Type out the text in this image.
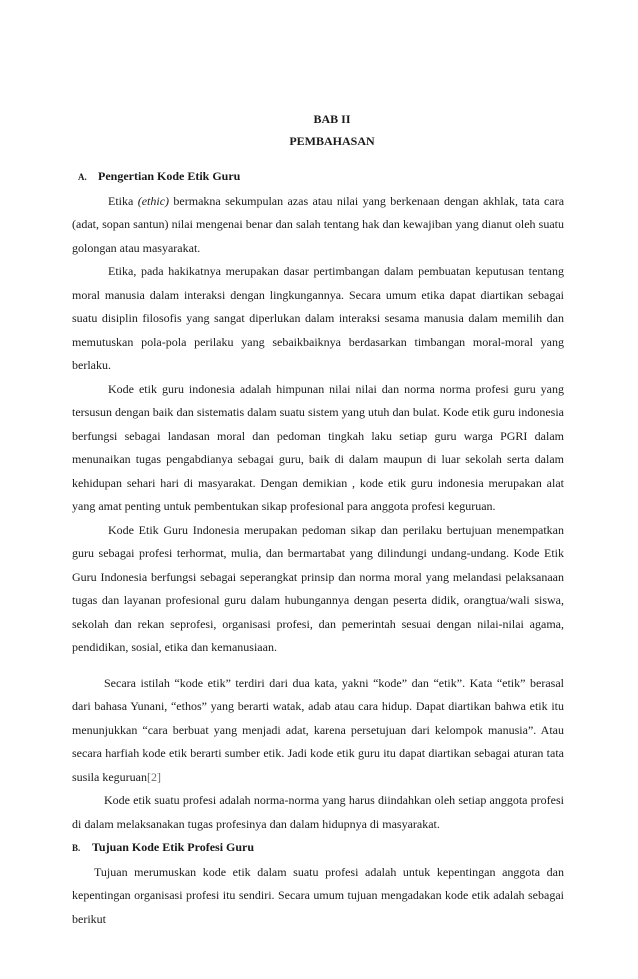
BAB II
PEMBAHASAN
A. Pengertian Kode Etik Guru

Etika (ethic) bermakna sekumpulan azas atau nilai yang berkenaan dengan akhlak, tata cara (adat, sopan santun) nilai mengenai benar dan salah tentang hak dan kewajiban yang dianut oleh suatu golongan atau masyarakat.

Etika, pada hakikatnya merupakan dasar pertimbangan dalam pembuatan keputusan tentang moral manusia dalam interaksi dengan lingkungannya. Secara umum etika dapat diartikan sebagai suatu disiplin filosofis yang sangat diperlukan dalam interaksi sesama manusia dalam memilih dan memutuskan pola-pola perilaku yang sebaikbaiknya berdasarkan timbangan moral-moral yang berlaku.

Kode etik guru indonesia adalah himpunan nilai nilai dan norma norma profesi guru yang tersusun dengan baik dan sistematis dalam suatu sistem yang utuh dan bulat. Kode etik guru indonesia berfungsi sebagai landasan moral dan pedoman tingkah laku setiap guru warga PGRI dalam menunaikan tugas pengabdianya sebagai guru, baik di dalam maupun di luar sekolah serta dalam kehidupan sehari hari di masyarakat. Dengan demikian , kode etik guru indonesia merupakan alat yang amat penting untuk pembentukan sikap profesional para anggota profesi keguruan.

Kode Etik Guru Indonesia merupakan pedoman sikap dan perilaku bertujuan menempatkan guru sebagai profesi terhormat, mulia, dan bermartabat yang dilindungi undang-undang. Kode Etik Guru Indonesia berfungsi sebagai seperangkat prinsip dan norma moral yang melandasi pelaksanaan tugas dan layanan profesional guru dalam hubungannya dengan peserta didik, orangtua/wali siswa, sekolah dan rekan seprofesi, organisasi profesi, dan pemerintah sesuai dengan nilai-nilai agama, pendidikan, sosial, etika dan kemanusiaan.

Secara istilah “kode etik” terdiri dari dua kata, yakni “kode” dan “etik”. Kata “etik” berasal dari bahasa Yunani, “ethos” yang berarti watak, adab atau cara hidup. Dapat diartikan bahwa etik itu menunjukkan “cara berbuat yang menjadi adat, karena persetujuan dari kelompok manusia”. Atau secara harfiah kode etik berarti sumber etik. Jadi kode etik guru itu dapat diartikan sebagai aturan tata susila keguruan[2]

Kode etik suatu profesi adalah norma-norma yang harus diindahkan oleh setiap anggota profesi di dalam melaksanakan tugas profesinya dan dalam hidupnya di masyarakat.

B. Tujuan Kode Etik Profesi Guru

Tujuan merumuskan kode etik dalam suatu profesi adalah untuk kepentingan anggota dan kepentingan organisasi profesi itu sendiri. Secara umum tujuan mengadakan kode etik adalah sebagai berikut
